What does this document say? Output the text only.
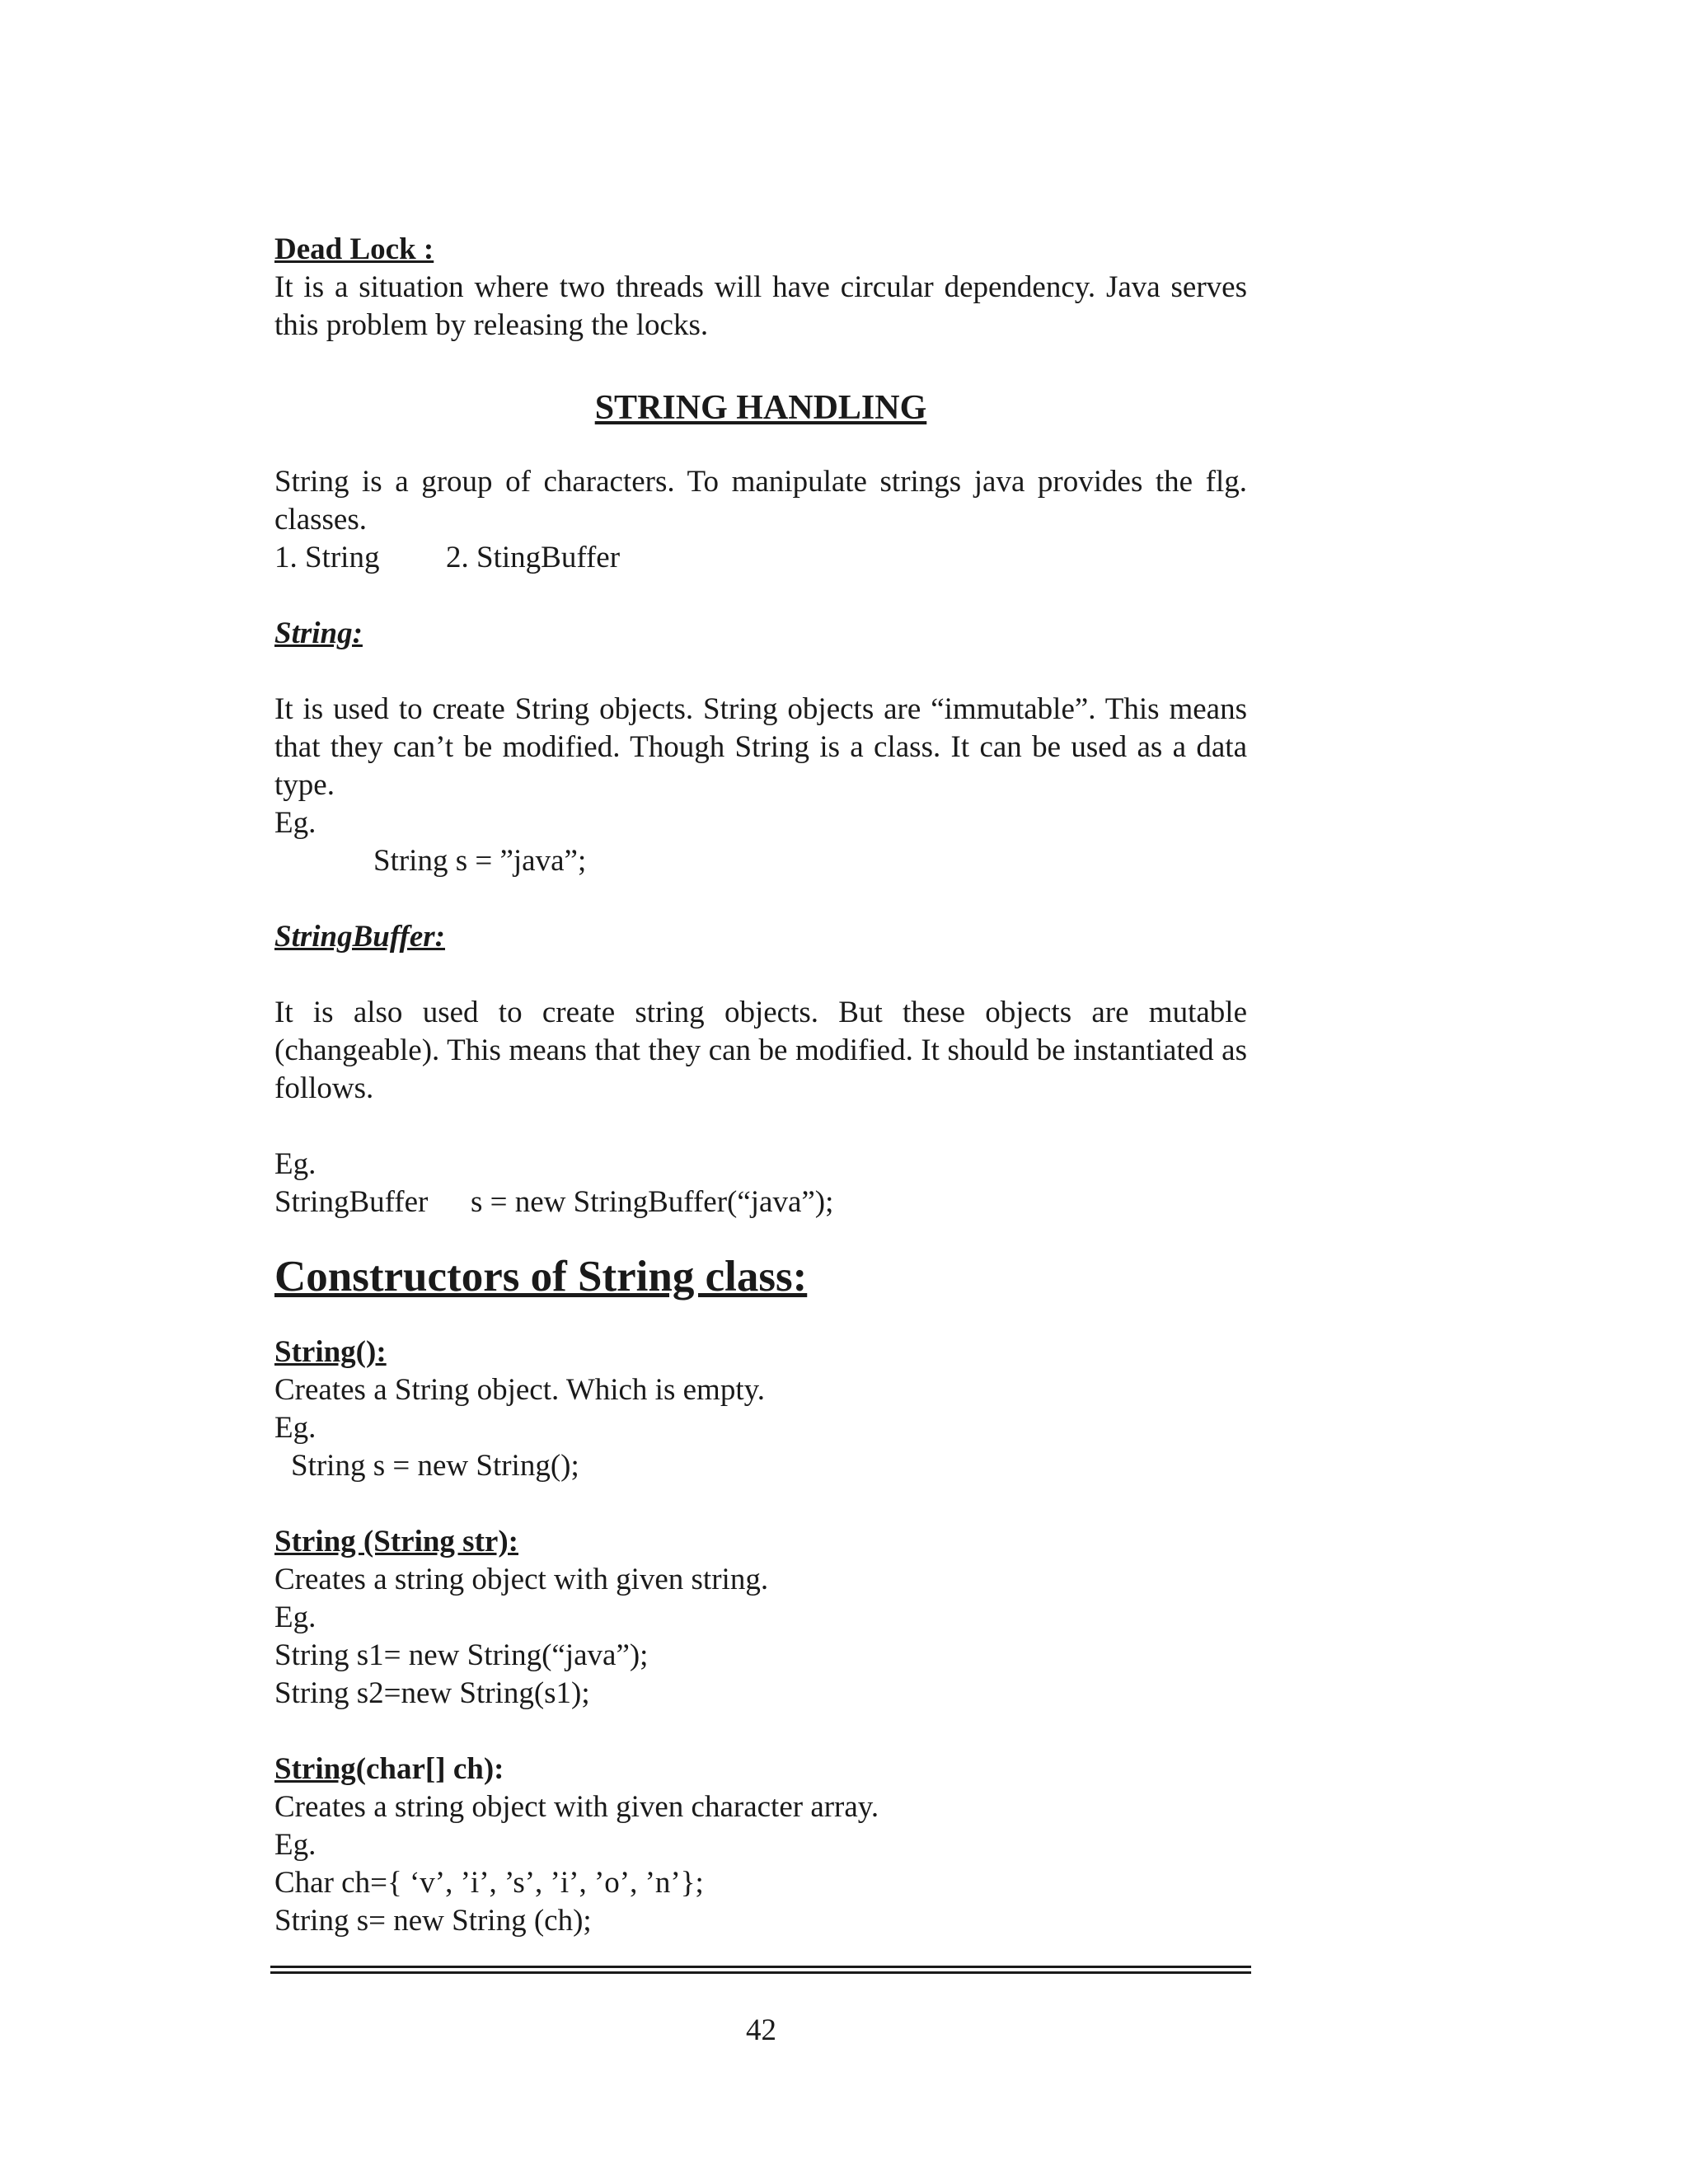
Dead Lock :

It is a situation where two threads will have circular dependency. Java serves this problem by releasing the locks.

STRING HANDLING

String is a group of characters. To manipulate strings java provides the flg. classes.

1. String 2. StingBuffer

String:

It is used to create String objects. String objects are “immutable”. This means that they can’t be modified. Though String is a class. It can be used as a data type.

Eg.

String s = ”java”;

StringBuffer:

It is also used to create string objects. But these objects are mutable (changeable). This means that they can be modified. It should be instantiated as follows.

Eg.

StringBuffer s = new StringBuffer(“java”);

Constructors of String class:

String():

Creates a String object. Which is empty.

Eg.

String s = new String();

String (String str):

Creates a string object with given string.

Eg.

String s1= new String(“java”);

String s2=new String(s1);

String(char[] ch):

Creates a string object with given character array.

Eg.

Char ch={ ‘v’, ’i’, ’s’, ’i’, ’o’, ’n’};

String s= new String (ch);

42
